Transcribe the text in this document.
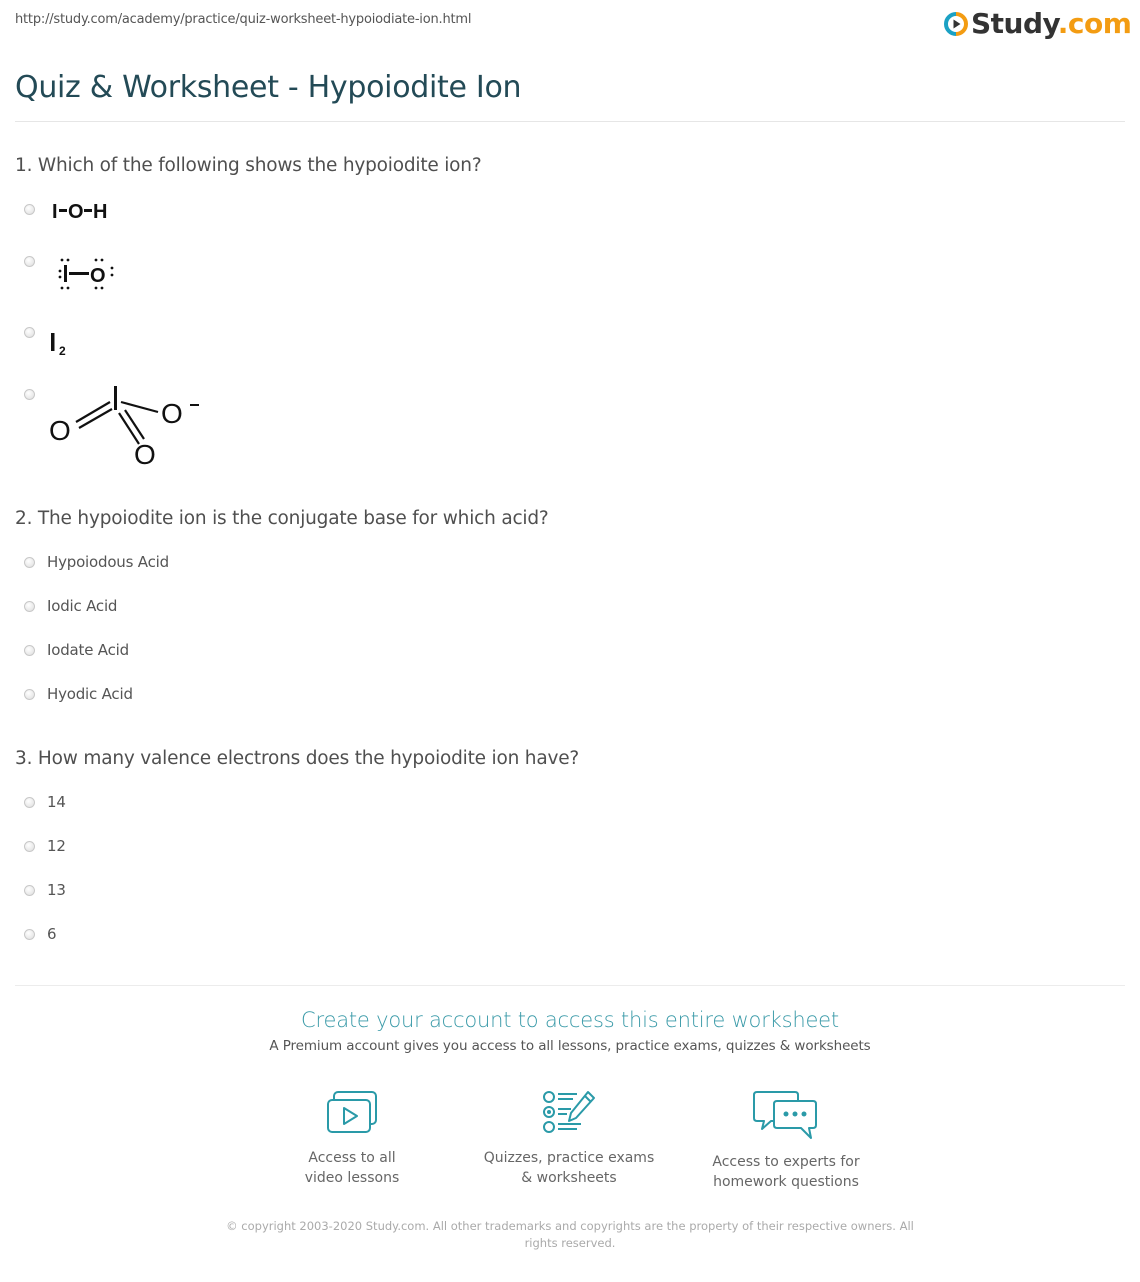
http://study.com/academy/practice/quiz-worksheet-hypoiodiate-ion.html	Study.com
Quiz & Worksheet - Hypoiodite Ion
1. Which of the following shows the hypoiodite ion?
I O H
O
2
O
O
O
2. The hypoiodite ion is the conjugate base for which acid?
Hypoiodous Acid
Iodic Acid
Iodate Acid
Hyodic Acid
3. How many valence electrons does the hypoiodite ion have?
14
12
13
6
Create your account to access this entire worksheet
A Premium account gives you access to all lessons, practice exams, quizzes & worksheets
Access to all
video lessons
Quizzes, practice exams
& worksheets
Access to experts for
homework questions
© copyright 2003-2020 Study.com. All other trademarks and copyrights are the property of their respective owners. All rights reserved.
